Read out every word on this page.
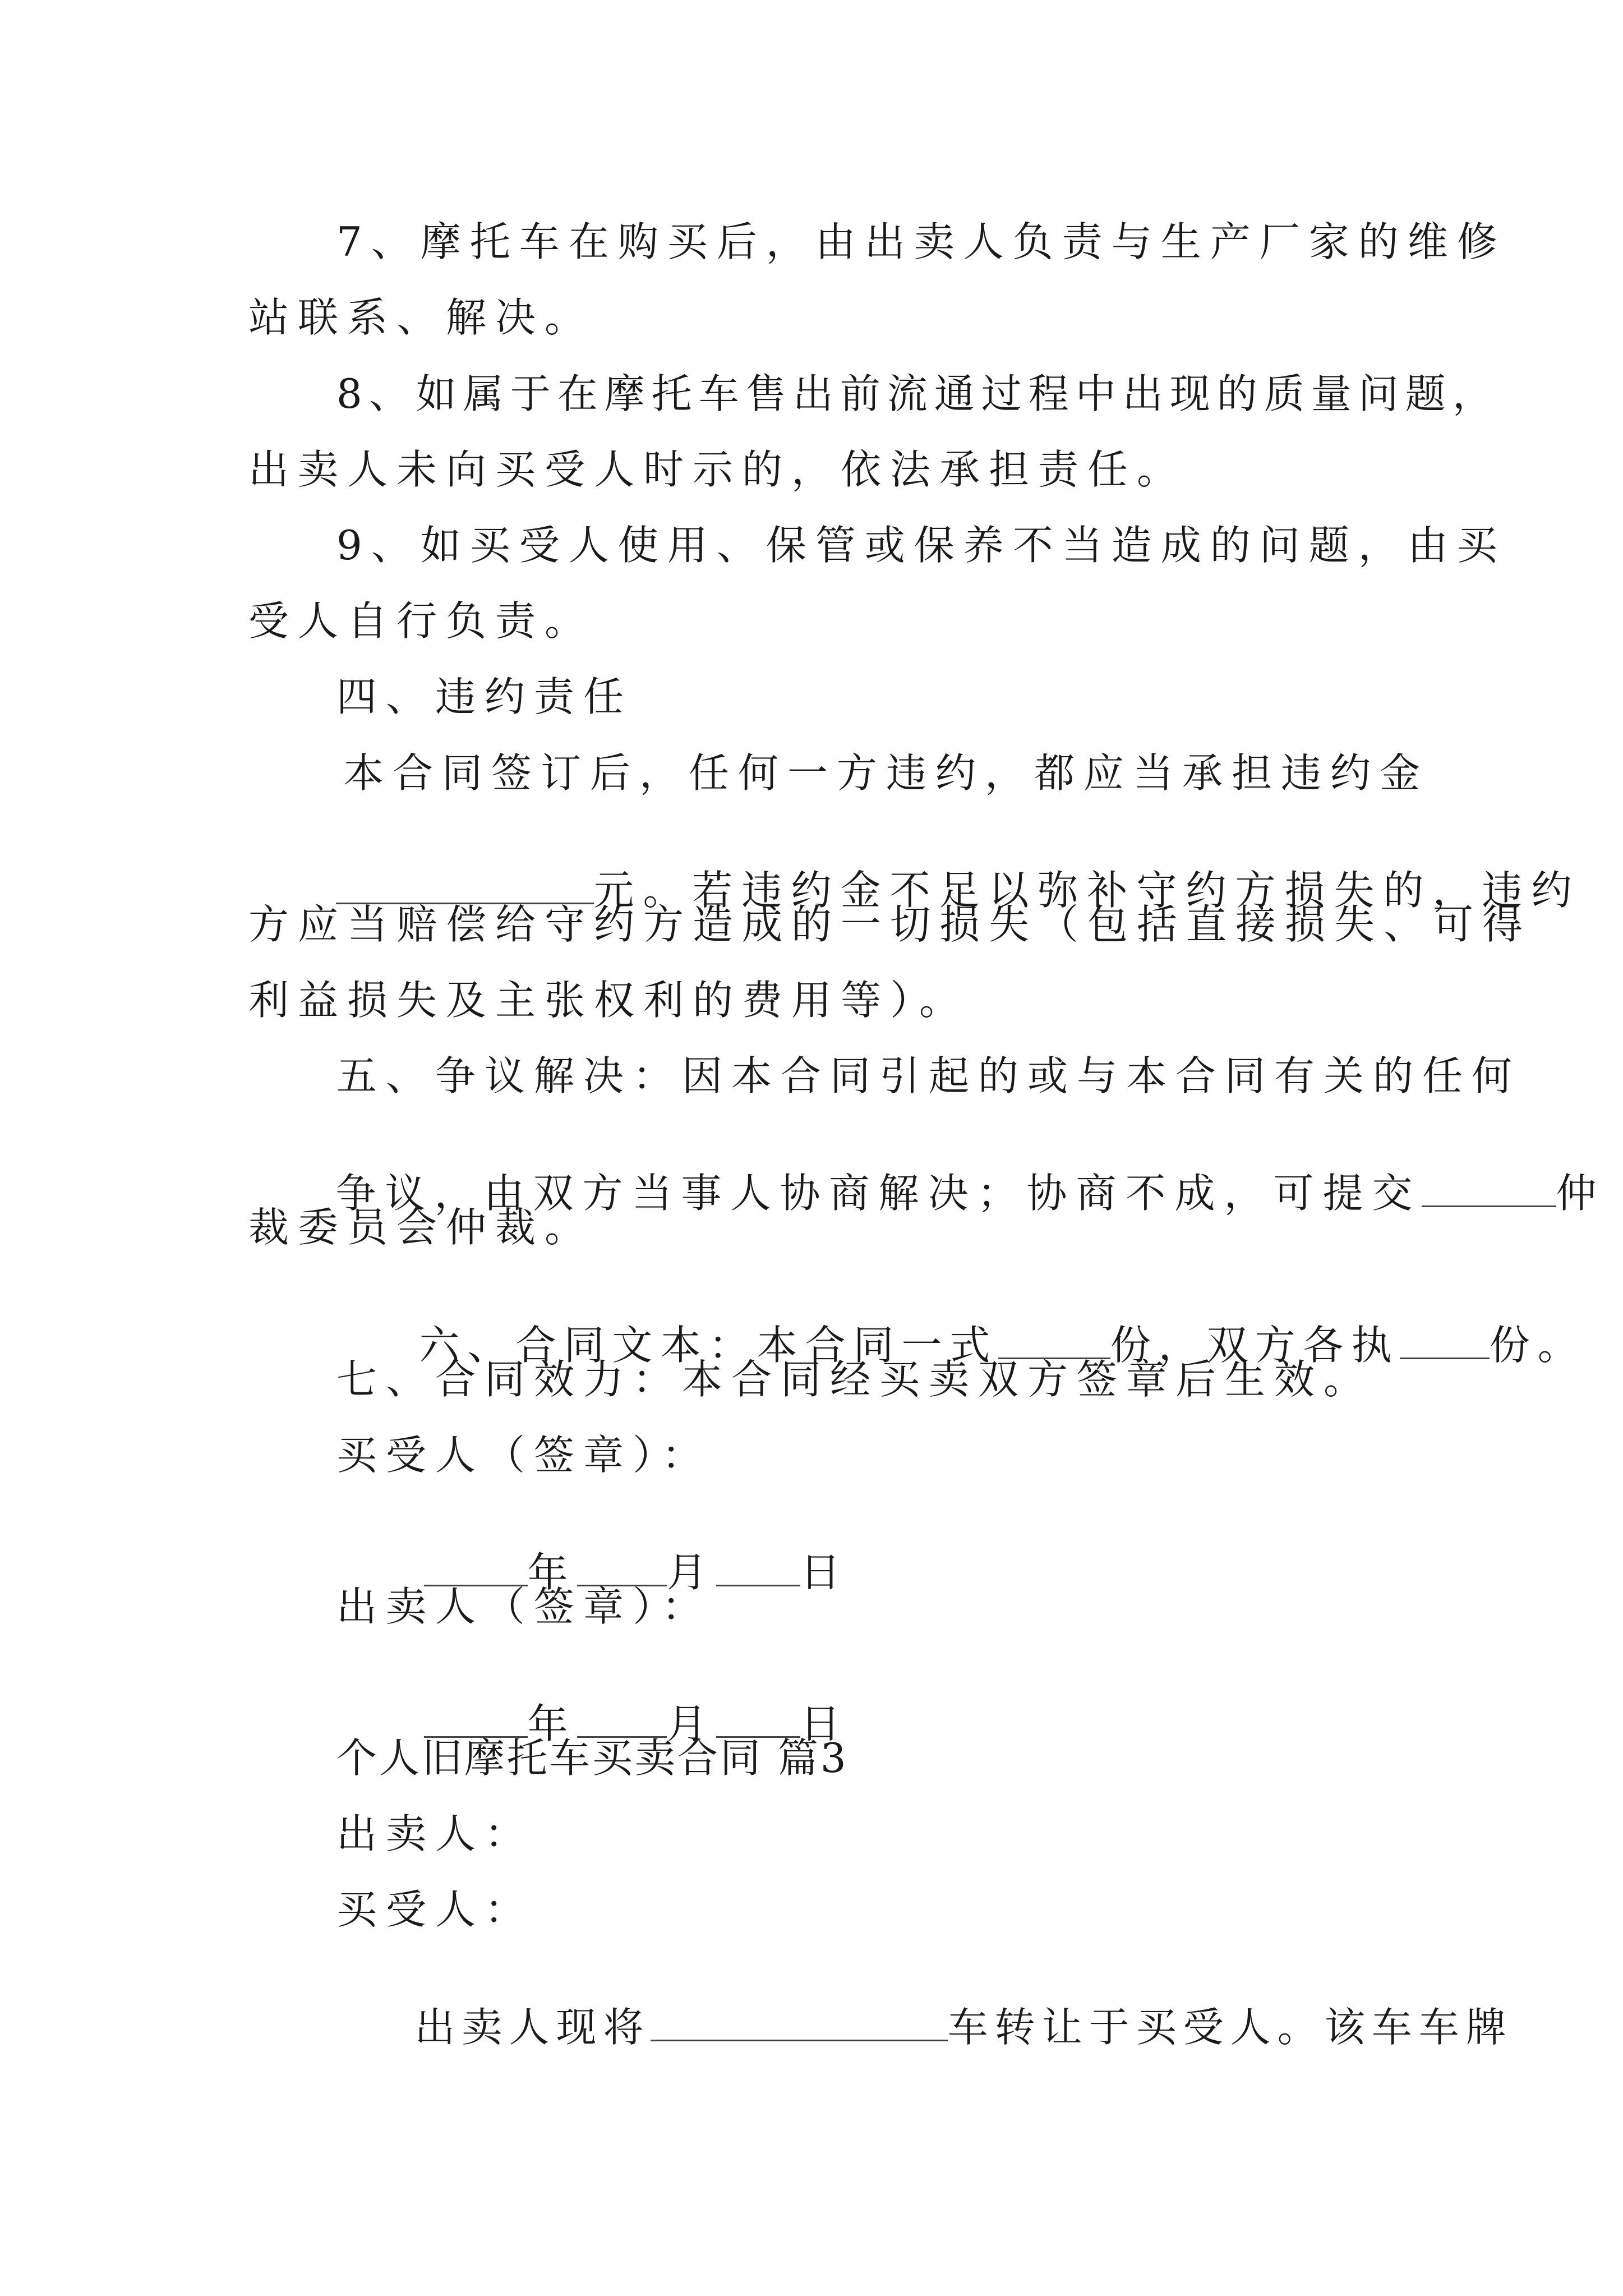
7、摩托车在购买后，由出卖人负责与生产厂家的维修
站联系、解决。
8、如属于在摩托车售出前流通过程中出现的质量问题，
出卖人未向买受人时示的，依法承担责任。
9、如买受人使用、保管或保养不当造成的问题，由买
受人自行负责。
四、违约责任
本合同签订后，任何一方违约，都应当承担违约金

元。若违约金不足以弥补守约方损失的，违约

方应当赔偿给守约方造成的一切损失（包括直接损失、可得
利益损失及主张权利的费用等）。
五、争议解决：因本合同引起的或与本合同有关的任何

争议，由双方当事人协商解决；协商不成，可提交	仲

裁委员会仲裁。

六、合同文本：本合同一式	份，双方各执 份。

七、合同效力：本合同经买卖双方签章后生效。
买受人（签章）：

年 月 日

出卖人（签章）：

年 月 日

个人旧摩托车买卖合同 篇3
出卖人：
买受人：

出卖人现将	车转让于买受人。该车车牌
